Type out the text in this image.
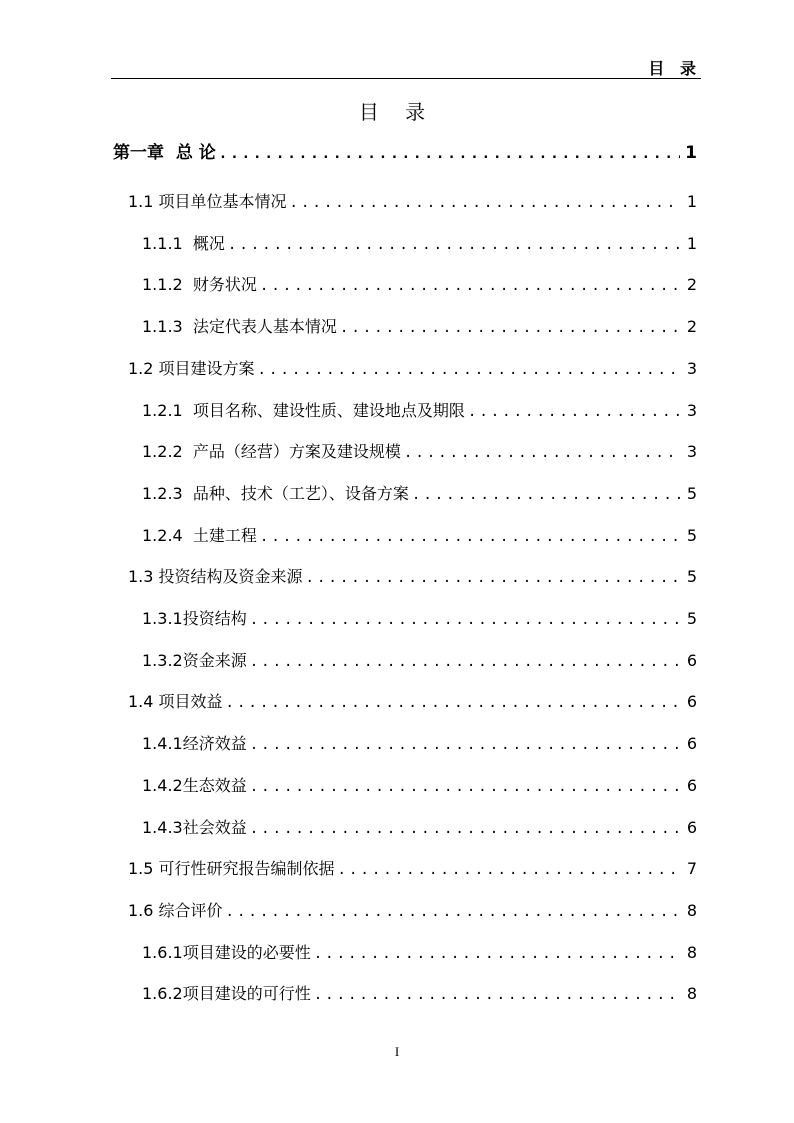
目 录
目 录
第一章  总 论 .....	1
1.1 项目单位基本情况 .....	1
1.1.1  概况 .....	1
1.1.2  财务状况 .....	2
1.1.3  法定代表人基本情况 .....	2
1.2 项目建设方案 .....	3
1.2.1  项目名称、建设性质、建设地点及期限 .....	3
1.2.2  产品（经营）方案及建设规模 .....	3
1.2.3  品种、技术（工艺）、设备方案 .....	5
1.2.4  土建工程 .....	5
1.3 投资结构及资金来源 .....	5
1.3.1投资结构 .....	5
1.3.2资金来源 .....	6
1.4 项目效益 .....	6
1.4.1经济效益 .....	6
1.4.2生态效益 .....	6
1.4.3社会效益 .....	6
1.5 可行性研究报告编制依据 .....	7
1.6 综合评价 .....	8
1.6.1项目建设的必要性 .....	8
1.6.2项目建设的可行性 .....	8
I
